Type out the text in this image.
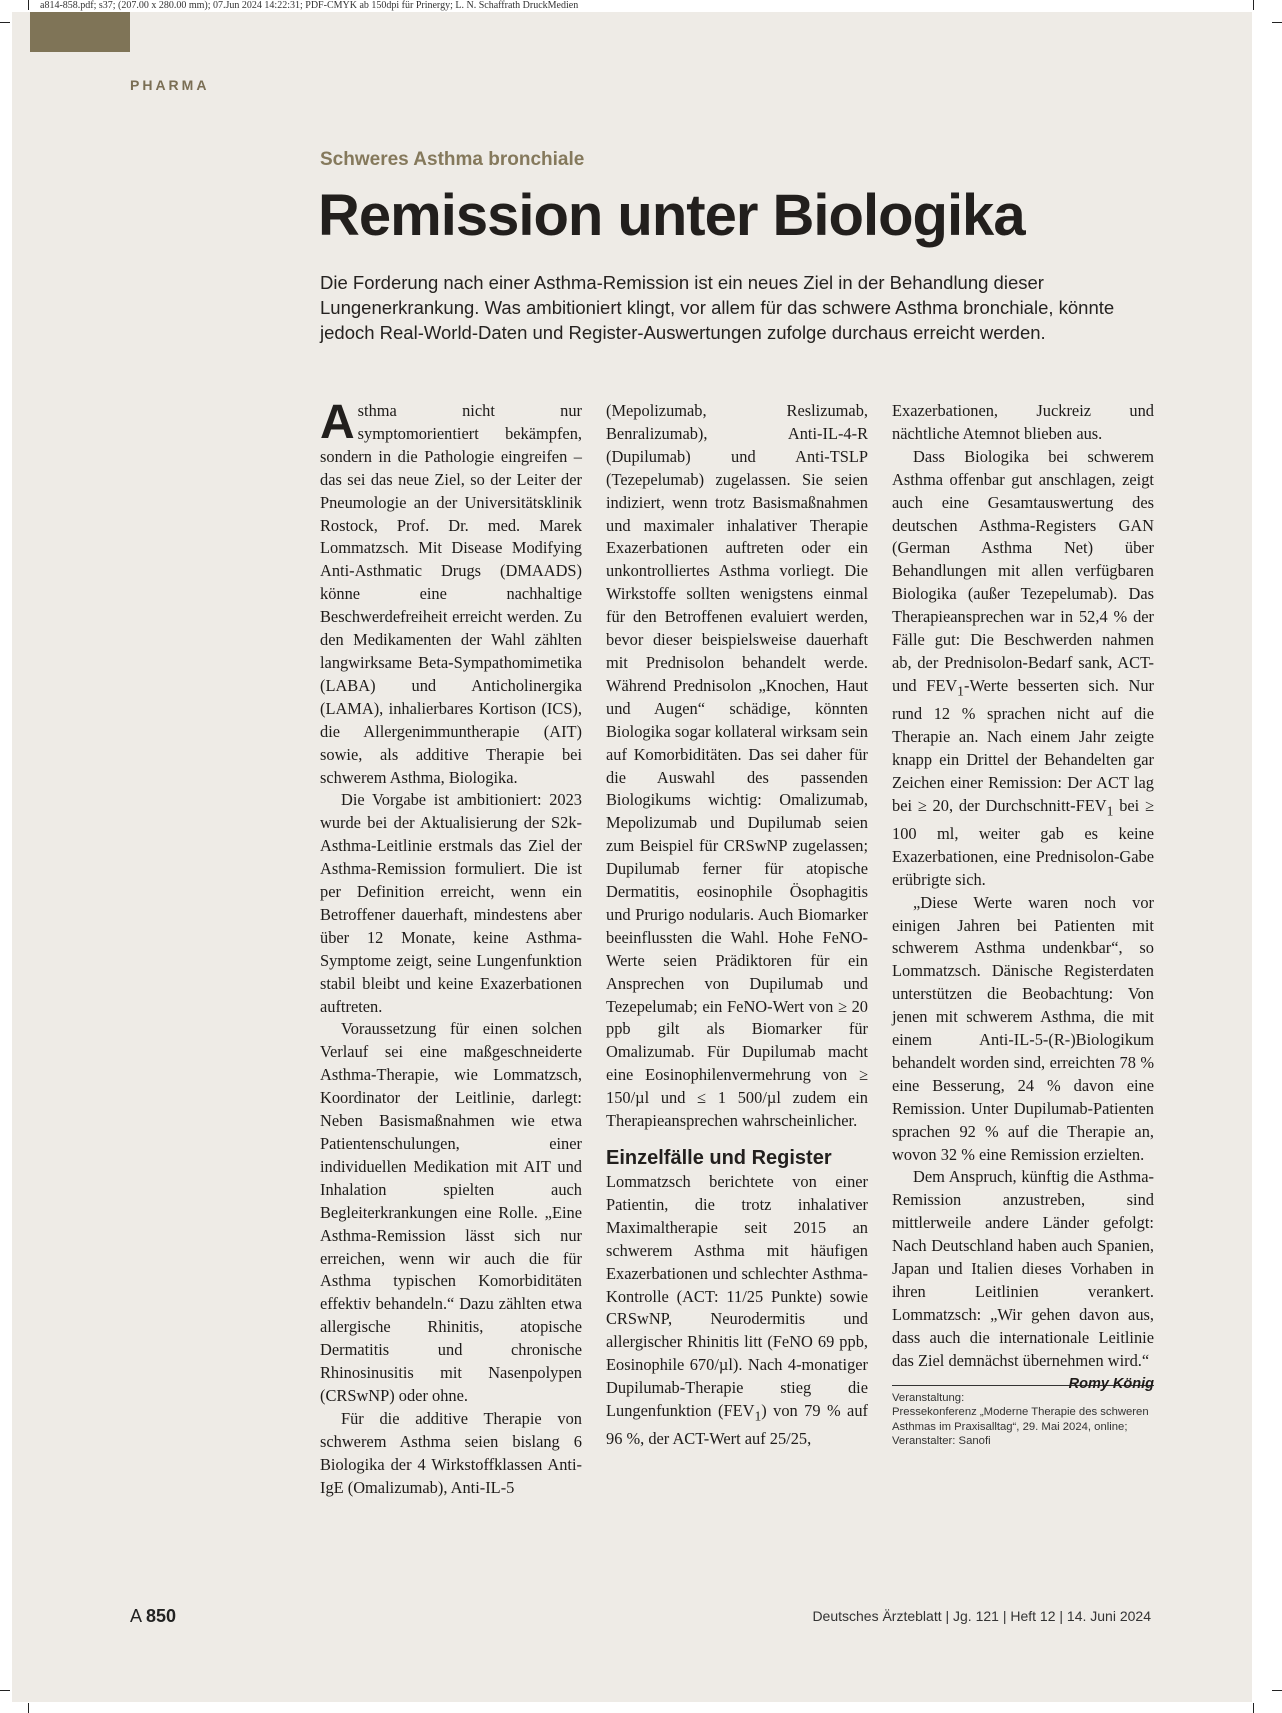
a814-858.pdf; s37; (207.00 x 280.00 mm); 07.Jun 2024 14:22:31; PDF-CMYK ab 150dpi für Prinergy; L. N. Schaffrath DruckMedien
PHARMA
Schweres Asthma bronchiale
Remission unter Biologika

Die Forderung nach einer Asthma-Remission ist ein neues Ziel in der Behandlung dieser Lungenerkrankung. Was ambitioniert klingt, vor allem für das schwere Asthma bronchiale, könnte jedoch Real-World-Daten und Register-Auswertungen zufolge durchaus erreicht werden.

Asthma nicht nur symptomorientiert bekämpfen, sondern in die Pathologie eingreifen – das sei das neue Ziel, so der Leiter der Pneumologie an der Universitätsklinik Rostock, Prof. Dr. med. Marek Lommatzsch. Mit Disease Modifying Anti-Asthmatic Drugs (DMAADS) könne eine nachhaltige Beschwerdefreiheit erreicht werden. Zu den Medikamenten der Wahl zählten langwirksame Beta-Sympathomimetika (LABA) und Anticholinergika (LAMA), inhalierbares Kortison (ICS), die Allergenimmuntherapie (AIT) sowie, als additive Therapie bei schwerem Asthma, Biologika.

Die Vorgabe ist ambitioniert: 2023 wurde bei der Aktualisierung der S2k-Asthma-Leitlinie erstmals das Ziel der Asthma-Remission formuliert. Die ist per Definition erreicht, wenn ein Betroffener dauerhaft, mindestens aber über 12 Monate, keine Asthma-Symptome zeigt, seine Lungenfunktion stabil bleibt und keine Exazerbationen auftreten.

Voraussetzung für einen solchen Verlauf sei eine maßgeschneiderte Asthma-Therapie, wie Lommatzsch, Koordinator der Leitlinie, darlegt: Neben Basismaßnahmen wie etwa Patientenschulungen, einer individuellen Medikation mit AIT und Inhalation spielten auch Begleiterkrankungen eine Rolle. „Eine Asthma-Remission lässt sich nur erreichen, wenn wir auch die für Asthma typischen Komorbiditäten effektiv behandeln.“ Dazu zählten etwa allergische Rhinitis, atopische Dermatitis und chronische Rhinosinusitis mit Nasenpolypen (CRSwNP) oder ohne.

Für die additive Therapie von schwerem Asthma seien bislang 6 Biologika der 4 Wirkstoffklassen Anti-IgE (Omalizumab), Anti-IL-5

(Mepolizumab, Reslizumab, Benralizumab), Anti-IL-4-R (Dupilumab) und Anti-TSLP (Tezepelumab) zugelassen. Sie seien indiziert, wenn trotz Basismaßnahmen und maximaler inhalativer Therapie Exazerbationen auftreten oder ein unkontrolliertes Asthma vorliegt. Die Wirkstoffe sollten wenigstens einmal für den Betroffenen evaluiert werden, bevor dieser beispielsweise dauerhaft mit Prednisolon behandelt werde. Während Prednisolon „Knochen, Haut und Augen“ schädige, könnten Biologika sogar kollateral wirksam sein auf Komorbiditäten. Das sei daher für die Auswahl des passenden Biologikums wichtig: Omalizumab, Mepolizumab und Dupilumab seien zum Beispiel für CRSwNP zugelassen; Dupilumab ferner für atopische Dermatitis, eosinophile Ösophagitis und Prurigo nodularis. Auch Biomarker beeinflussten die Wahl. Hohe FeNO-Werte seien Prädiktoren für ein Ansprechen von Dupilumab und Tezepelumab; ein FeNO-Wert von ≥ 20 ppb gilt als Biomarker für Omalizumab. Für Dupilumab macht eine Eosinophilenvermehrung von ≥ 150/µl und ≤ 1 500/µl zudem ein Therapieansprechen wahrscheinlicher.

Einzelfälle und Register

Lommatzsch berichtete von einer Patientin, die trotz inhalativer Maximaltherapie seit 2015 an schwerem Asthma mit häufigen Exazerbationen und schlechter Asthma-Kontrolle (ACT: 11/25 Punkte) sowie CRSwNP, Neurodermitis und allergischer Rhinitis litt (FeNO 69 ppb, Eosinophile 670/µl). Nach 4-monatiger Dupilumab-Therapie stieg die Lungenfunktion $(FEV_1)$ von 79 % auf 96 %, der ACT-Wert auf 25/25,

Exazerbationen, Juckreiz und nächtliche Atemnot blieben aus.

Dass Biologika bei schwerem Asthma offenbar gut anschlagen, zeigt auch eine Gesamtauswertung des deutschen Asthma-Registers GAN (German Asthma Net) über Behandlungen mit allen verfügbaren Biologika (außer Tezepelumab). Das Therapieansprechen war in 52,4 % der Fälle gut: Die Beschwerden nahmen ab, der Prednisolon-Bedarf sank, ACT- und $FEV_1$-Werte besserten sich. Nur rund 12 % sprachen nicht auf die Therapie an. Nach einem Jahr zeigte knapp ein Drittel der Behandelten gar Zeichen einer Remission: Der ACT lag bei ≥ 20, der Durchschnitt-$FEV_1$ bei ≥ 100 ml, weiter gab es keine Exazerbationen, eine Prednisolon-Gabe erübrigte sich.

„Diese Werte waren noch vor einigen Jahren bei Patienten mit schwerem Asthma undenkbar“, so Lommatzsch. Dänische Registerdaten unterstützen die Beobachtung: Von jenen mit schwerem Asthma, die mit einem Anti-IL-5-(R-)Biologikum behandelt worden sind, erreichten 78 % eine Besserung, 24 % davon eine Remission. Unter Dupilumab-Patienten sprachen 92 % auf die Therapie an, wovon 32 % eine Remission erzielten.

Dem Anspruch, künftig die Asthma-Remission anzustreben, sind mittlerweile andere Länder gefolgt: Nach Deutschland haben auch Spanien, Japan und Italien dieses Vorhaben in ihren Leitlinien verankert. Lommatzsch: „Wir gehen davon aus, dass auch die internationale Leitlinie das Ziel demnächst übernehmen wird.“
Romy König

Veranstaltung: Pressekonferenz „Moderne Therapie des schweren Asthmas im Praxisalltag“, 29. Mai 2024, online; Veranstalter: Sanofi
A 850	Deutsches Ärzteblatt | Jg. 121 | Heft 12 | 14. Juni 2024
